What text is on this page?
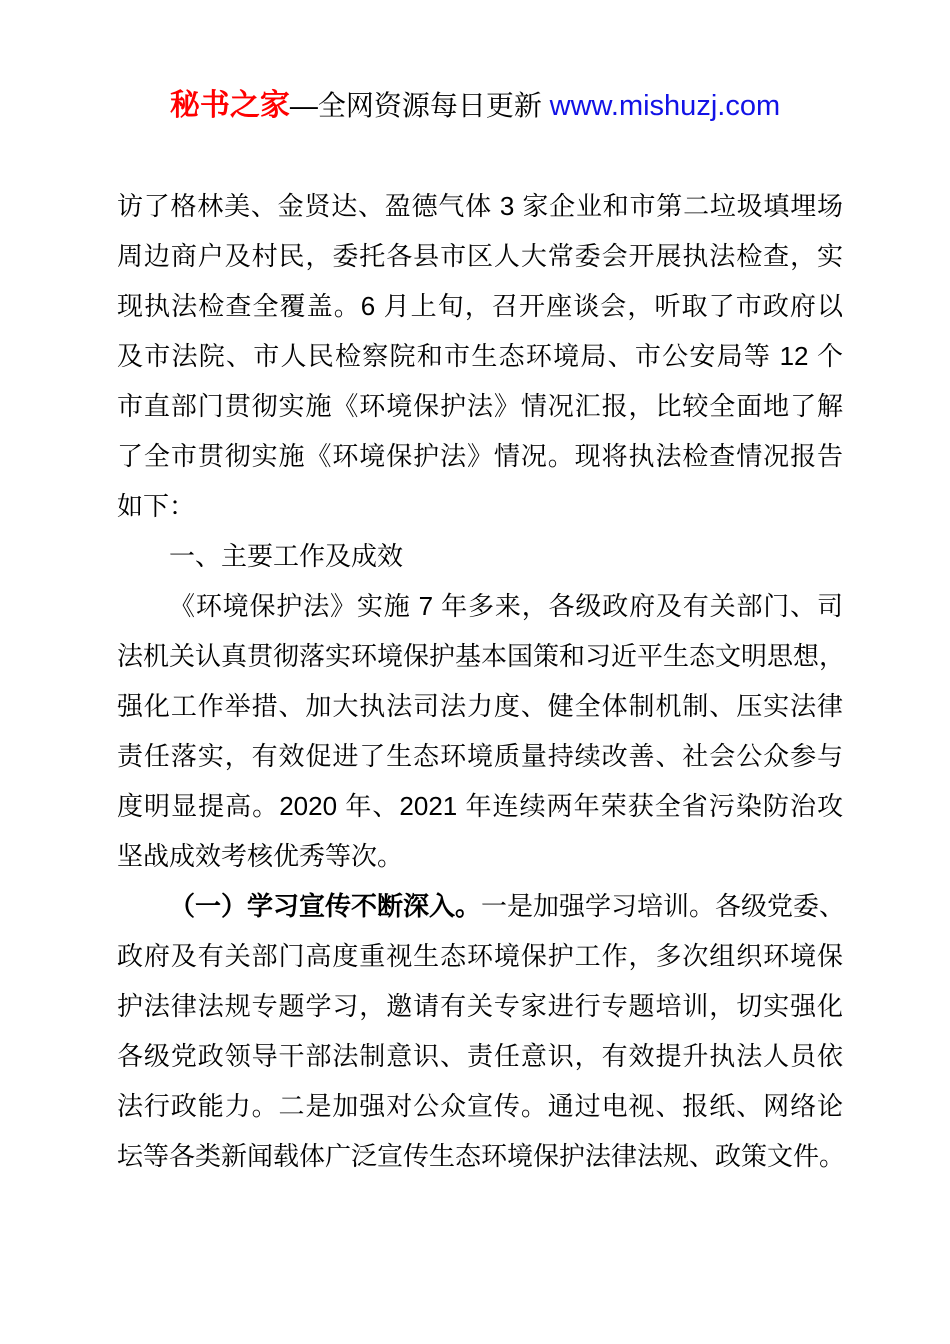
秘书之家—全网资源每日更新 www.mishuzj.com
访了格林美、金贤达、盈德气体 3 家企业和市第二垃圾填埋场
周边商户及村民，委托各县市区人大常委会开展执法检查，实
现执法检查全覆盖。6 月上旬，召开座谈会，听取了市政府以
及市法院、市人民检察院和市生态环境局、市公安局等 12 个
市直部门贯彻实施《环境保护法》情况汇报，比较全面地了解
了全市贯彻实施《环境保护法》情况。现将执法检查情况报告
如下：
一、主要工作及成效
《环境保护法》实施 7 年多来，各级政府及有关部门、司
法机关认真贯彻落实环境保护基本国策和习近平生态文明思想，
强化工作举措、加大执法司法力度、健全体制机制、压实法律
责任落实，有效促进了生态环境质量持续改善、社会公众参与
度明显提高。2020 年、2021 年连续两年荣获全省污染防治攻
坚战成效考核优秀等次。
（一）学习宣传不断深入。一是加强学习培训。各级党委、
政府及有关部门高度重视生态环境保护工作，多次组织环境保
护法律法规专题学习，邀请有关专家进行专题培训，切实强化
各级党政领导干部法制意识、责任意识，有效提升执法人员依
法行政能力。二是加强对公众宣传。通过电视、报纸、网络论
坛等各类新闻载体广泛宣传生态环境保护法律法规、政策文件。
